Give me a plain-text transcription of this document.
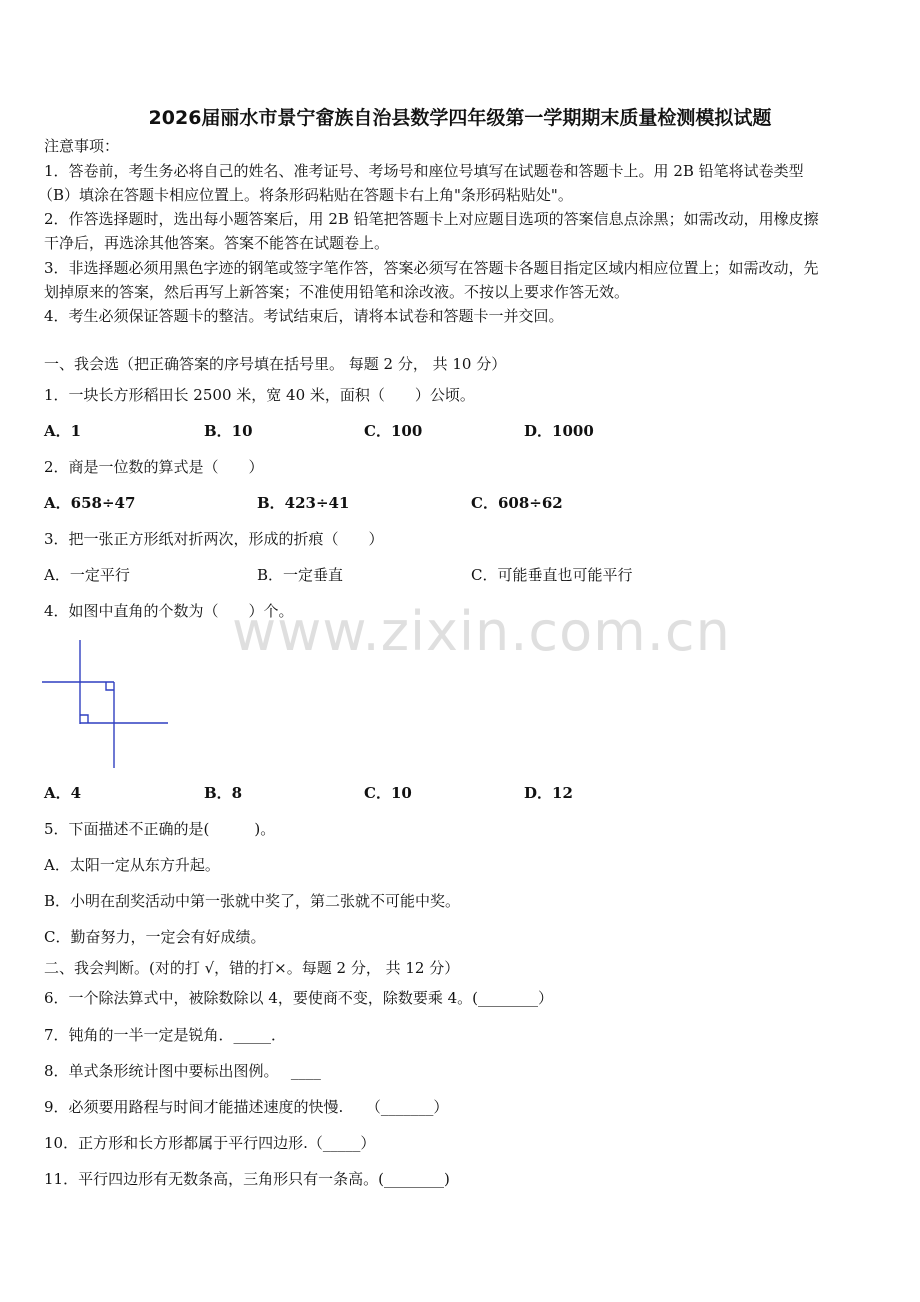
2026届丽水市景宁畲族自治县数学四年级第一学期期末质量检测模拟试题
注意事项：
1．答卷前，考生务必将自己的姓名、准考证号、考场号和座位号填写在试题卷和答题卡上。用 2B 铅笔将试卷类型
（B）填涂在答题卡相应位置上。将条形码粘贴在答题卡右上角"条形码粘贴处"。
2．作答选择题时，选出每小题答案后，用 2B 铅笔把答题卡上对应题目选项的答案信息点涂黑；如需改动，用橡皮擦
干净后，再选涂其他答案。答案不能答在试题卷上。
3．非选择题必须用黑色字迹的钢笔或签字笔作答，答案必须写在答题卡各题目指定区域内相应位置上；如需改动，先
划掉原来的答案，然后再写上新答案；不准使用铅笔和涂改液。不按以上要求作答无效。
4．考生必须保证答题卡的整洁。考试结束后，请将本试卷和答题卡一并交回。
一、我会选（把正确答案的序号填在括号里。 每题 2 分， 共 10 分）
1．一块长方形稻田长 2500 米，宽 40 米，面积（　　）公顷。
A．1	B．10	C．100	D．1000
2．商是一位数的算式是（　　）
A．658÷47	B．423÷41	C．608÷62
3．把一张正方形纸对折两次，形成的折痕（　　）
A．一定平行	B．一定垂直	C．可能垂直也可能平行
4．如图中直角的个数为（　　）个。
www.zixin.com.cn
A．4	B．8	C．10	D．12
5．下面描述不正确的是(　　　)。
A．太阳一定从东方升起。
B．小明在刮奖活动中第一张就中奖了，第二张就不可能中奖。
C．勤奋努力，一定会有好成绩。
二、我会判断。(对的打 √，错的打×。每题 2 分， 共 12 分）
6．一个除法算式中，被除数除以 4，要使商不变，除数要乘 4。(________）
7．钝角的一半一定是锐角．_____．
8．单式条形统计图中要标出图例。　 ____
9．必须要用路程与时间才能描述速度的快慢.　　（_______）
10．正方形和长方形都属于平行四边形.（_____）
11．平行四边形有无数条高，三角形只有一条高。(________)
